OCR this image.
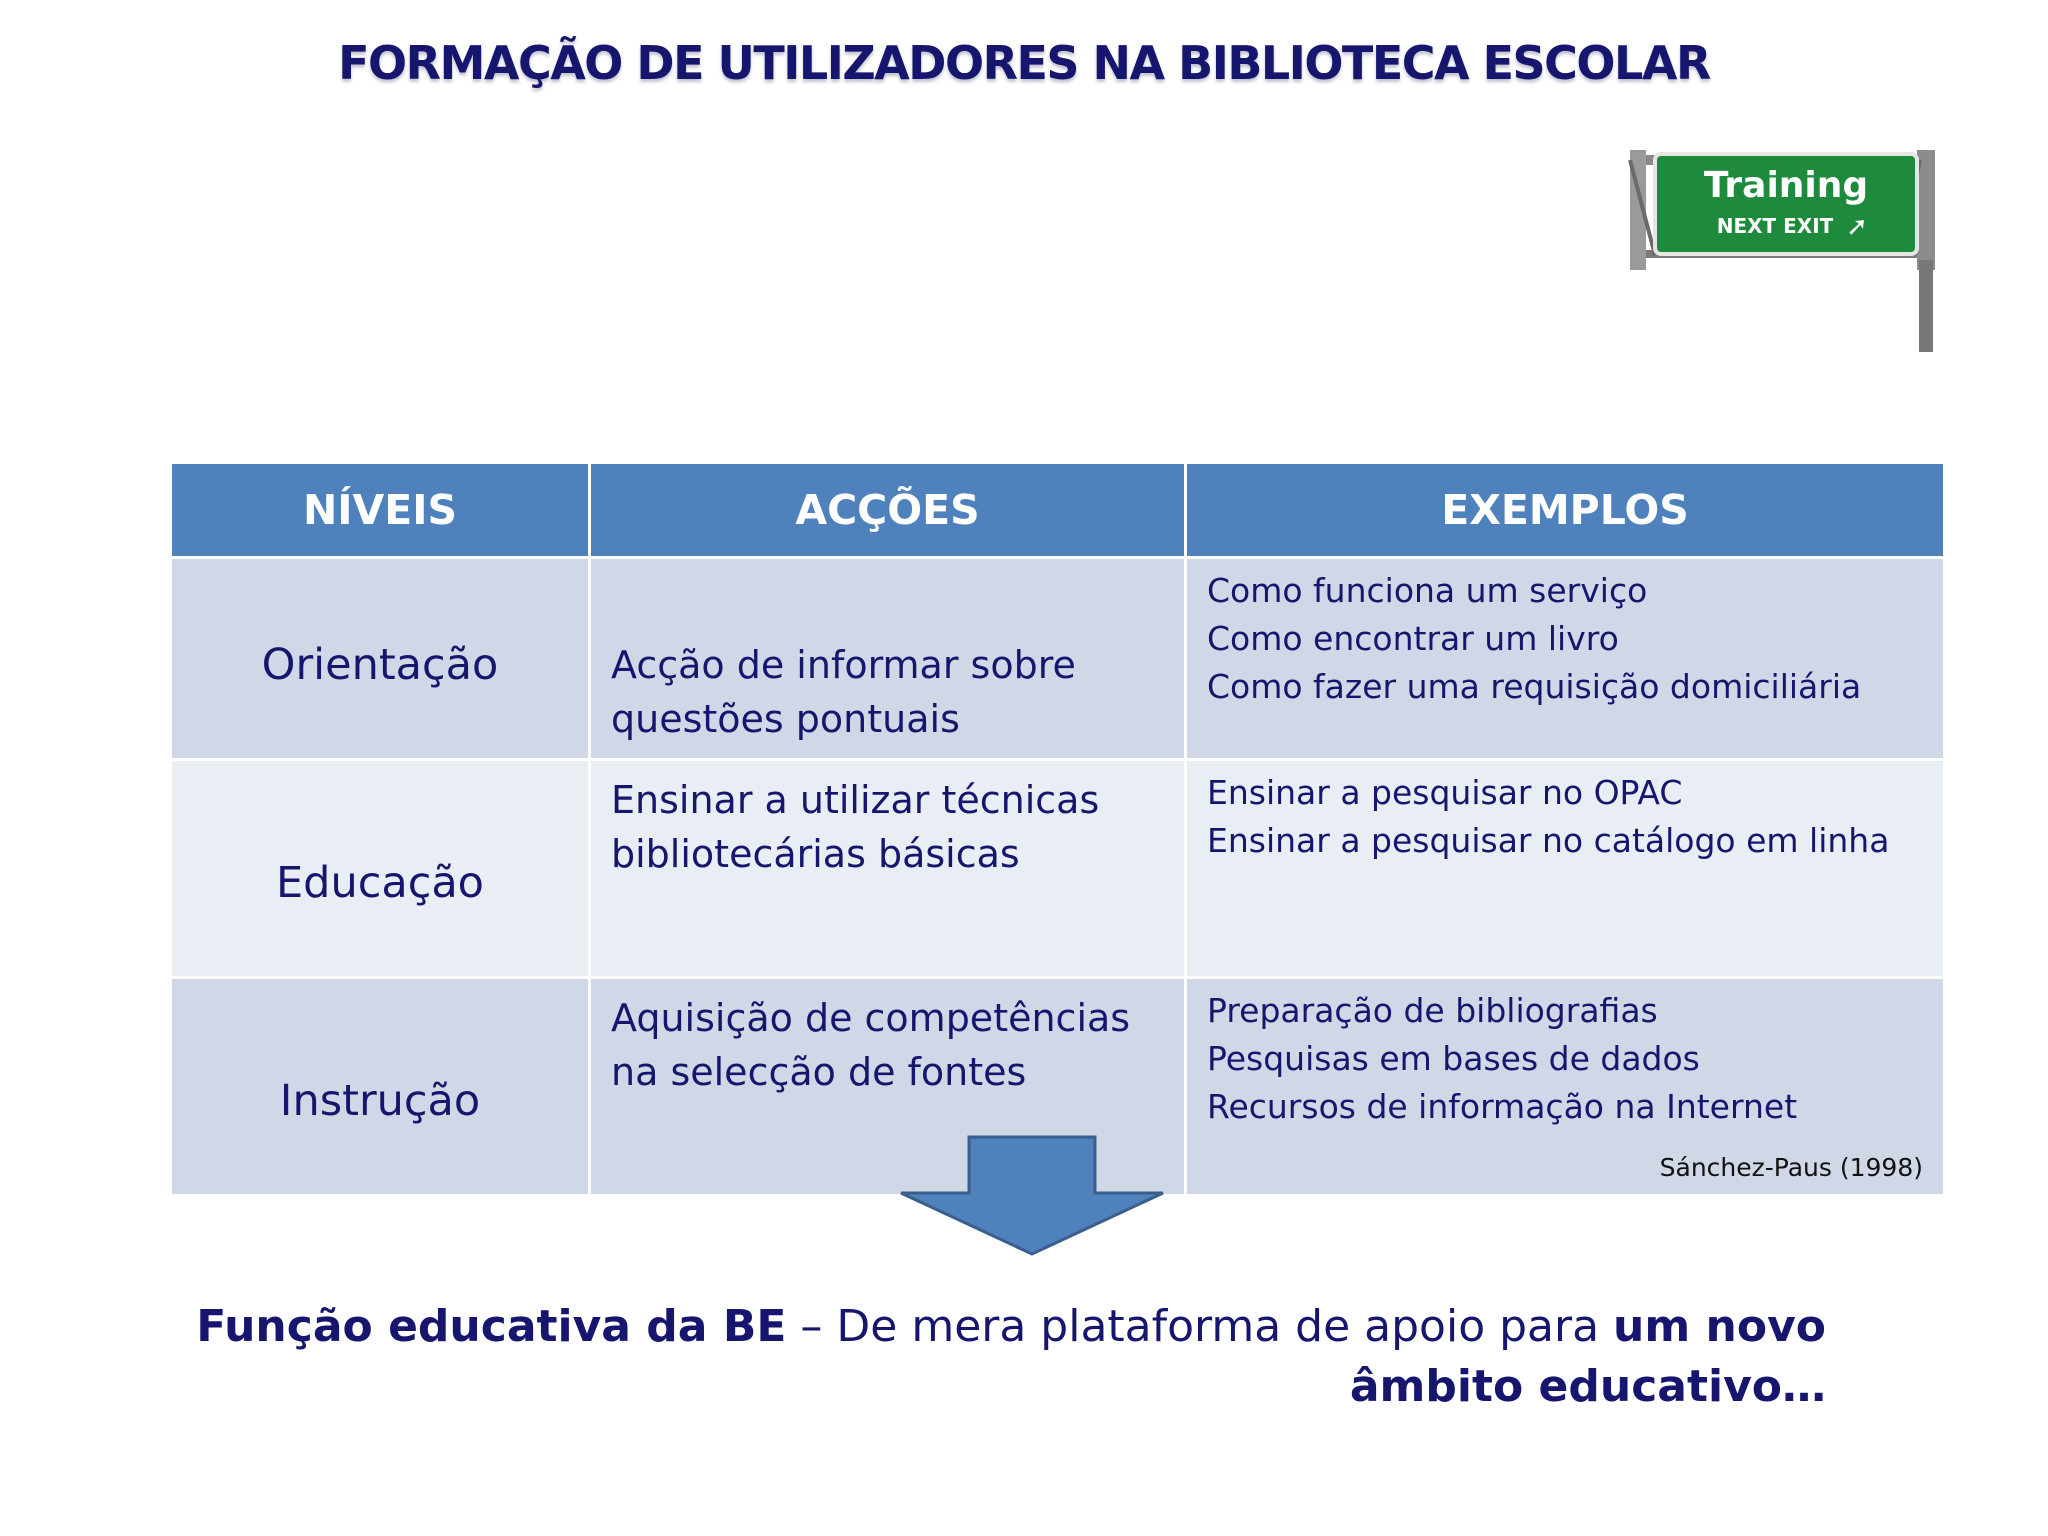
FORMAÇÃO DE UTILIZADORES NA BIBLIOTECA ESCOLAR
Training
NEXT EXIT ➚
NÍVEIS	ACÇÕES	EXEMPLOS
Orientação	Acção de informar sobre questões pontuais	Como funciona um serviço
Como encontrar um livro
Como fazer uma requisição domiciliária

Educação	Ensinar a utilizar técnicas bibliotecárias básicas	Ensinar a pesquisar no OPAC
Ensinar a pesquisar no catálogo em linha

Instrução	Aquisição de competências na selecção de fontes	Preparação de bibliografias
Pesquisas em bases de dados
Recursos de informação na Internet
Sánchez-Paus (1998)
Função educativa da BE – De mera plataforma de apoio para um novo âmbito educativo…
